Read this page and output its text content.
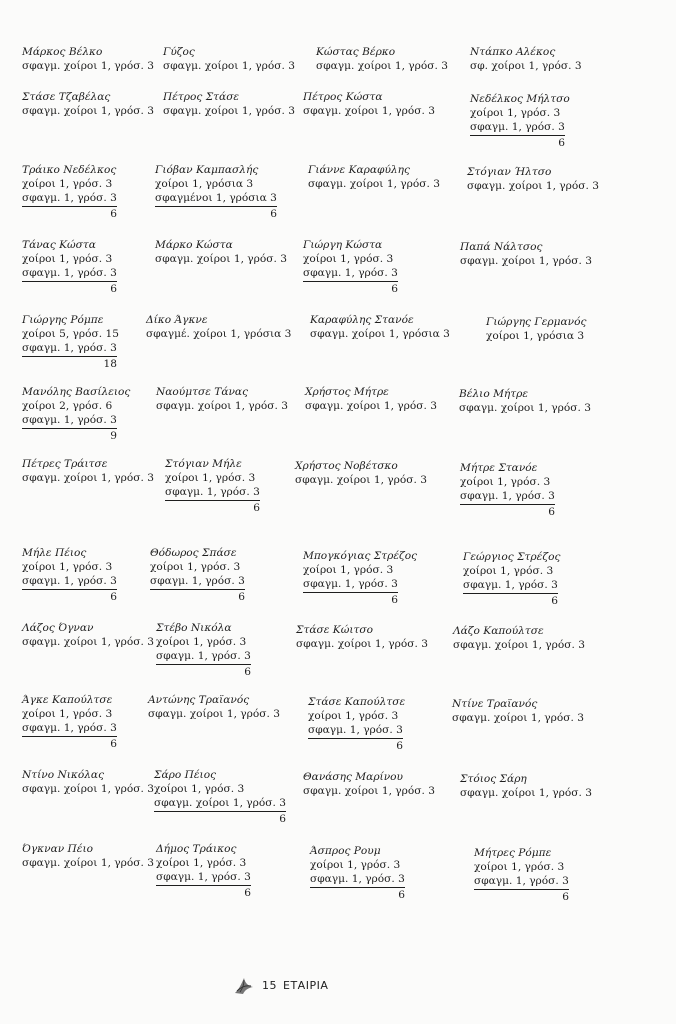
Μάρκος Βέλκο
σφαγμ. χοίροι 1, γρόσ. 3

Γύζος
σφαγμ. χοίροι 1, γρόσ. 3

Κώστας Βέρκο
σφαγμ. χοίροι 1, γρόσ. 3

Ντάπκο Αλέκος
σφ. χοίροι 1, γρόσ. 3

Στάσε Τζαβέλας
σφαγμ. χοίροι 1, γρόσ. 3

Πέτρος Στάσε
σφαγμ. χοίροι 1, γρόσ. 3

Πέτρος Κώστα
σφαγμ. χοίροι 1, γρόσ. 3

Νεδέλκος Μήλτσο
χοίροι 1, γρόσ. 3
σφαγμ. 1, γρόσ. 3

6
Τράικο Νεδέλκος
χοίροι 1, γρόσ. 3
σφαγμ. 1, γρόσ. 3

6
Γιόβαν Καμπασλής
χοίροι 1, γρόσια 3
σφαγμένοι 1, γρόσια 3

6
Γιάννε Καραφύλης
σφαγμ. χοίροι 1, γρόσ. 3

Στόγιαν Ήλτσο
σφαγμ. χοίροι 1, γρόσ. 3

Τάνας Κώστα
χοίροι 1, γρόσ. 3
σφαγμ. 1, γρόσ. 3

6
Μάρκο Κώστα
σφαγμ. χοίροι 1, γρόσ. 3

Γιώργη Κώστα
χοίροι 1, γρόσ. 3
σφαγμ. 1, γρόσ. 3

6
Παπά Νάλτσος
σφαγμ. χοίροι 1, γρόσ. 3

Γιώργης Ρόμπε
χοίροι 5, γρόσ. 15
σφαγμ. 1, γρόσ. 3

18
Δίκο Άγκνε
σφαγμέ. χοίροι 1, γρόσια 3

Καραφύλης Στανόε
σφαγμ. χοίροι 1, γρόσια 3

Γιώργης Γερμανός
χοίροι 1, γρόσια 3

Μανόλης Βασίλειος
χοίροι 2, γρόσ. 6
σφαγμ. 1, γρόσ. 3

9
Ναούμτσε Τάνας
σφαγμ. χοίροι 1, γρόσ. 3

Χρήστος Μήτρε
σφαγμ. χοίροι 1, γρόσ. 3

Βέλιο Μήτρε
σφαγμ. χοίροι 1, γρόσ. 3

Πέτρες Τράιτσε
σφαγμ. χοίροι 1, γρόσ. 3

Στόγιαν Μήλε
χοίροι 1, γρόσ. 3
σφαγμ. 1, γρόσ. 3

6
Χρήστος Νοβέτσκο
σφαγμ. χοίροι 1, γρόσ. 3

Μήτρε Στανόε
χοίροι 1, γρόσ. 3
σφαγμ. 1, γρόσ. 3

6
Μήλε Πέιος
χοίροι 1, γρόσ. 3
σφαγμ. 1, γρόσ. 3

6
Θόδωρος Σπάσε
χοίροι 1, γρόσ. 3
σφαγμ. 1, γρόσ. 3

6
Μπογκόγιας Στρέζος
χοίροι 1, γρόσ. 3
σφαγμ. 1, γρόσ. 3

6
Γεώργιος Στρέζος
χοίροι 1, γρόσ. 3
σφαγμ. 1, γρόσ. 3

6
Λάζος Όγναν
σφαγμ. χοίροι 1, γρόσ. 3

Στέβο Νικόλα
χοίροι 1, γρόσ. 3
σφαγμ. 1, γρόσ. 3

6
Στάσε Κώιτσο
σφαγμ. χοίροι 1, γρόσ. 3

Λάζο Καπούλτσε
σφαγμ. χοίροι 1, γρόσ. 3

Άγκε Καπούλτσε
χοίροι 1, γρόσ. 3
σφαγμ. 1, γρόσ. 3

6
Αντώνης Τραϊανός
σφαγμ. χοίροι 1, γρόσ. 3

Στάσε Καπούλτσε
χοίροι 1, γρόσ. 3
σφαγμ. 1, γρόσ. 3

6
Ντίνε Τραϊανός
σφαγμ. χοίροι 1, γρόσ. 3

Ντίνο Νικόλας
σφαγμ. χοίροι 1, γρόσ. 3

Σάρο Πέιος
χοίροι 1, γρόσ. 3
σφαγμ. χοίροι 1, γρόσ. 3

6
Θανάσης Μαρίνου
σφαγμ. χοίροι 1, γρόσ. 3

Στόιος Σάρη
σφαγμ. χοίροι 1, γρόσ. 3

Όγκναν Πέιο
σφαγμ. χοίροι 1, γρόσ. 3

Δήμος Τράικος
χοίροι 1, γρόσ. 3
σφαγμ. 1, γρόσ. 3

6
Άσπρος Ρουμ
χοίροι 1, γρόσ. 3
σφαγμ. 1, γρόσ. 3

6
Μήτρες Ρόμπε
χοίροι 1, γρόσ. 3
σφαγμ. 1, γρόσ. 3

6
15 ΕΤΑΙΡΙΑ
